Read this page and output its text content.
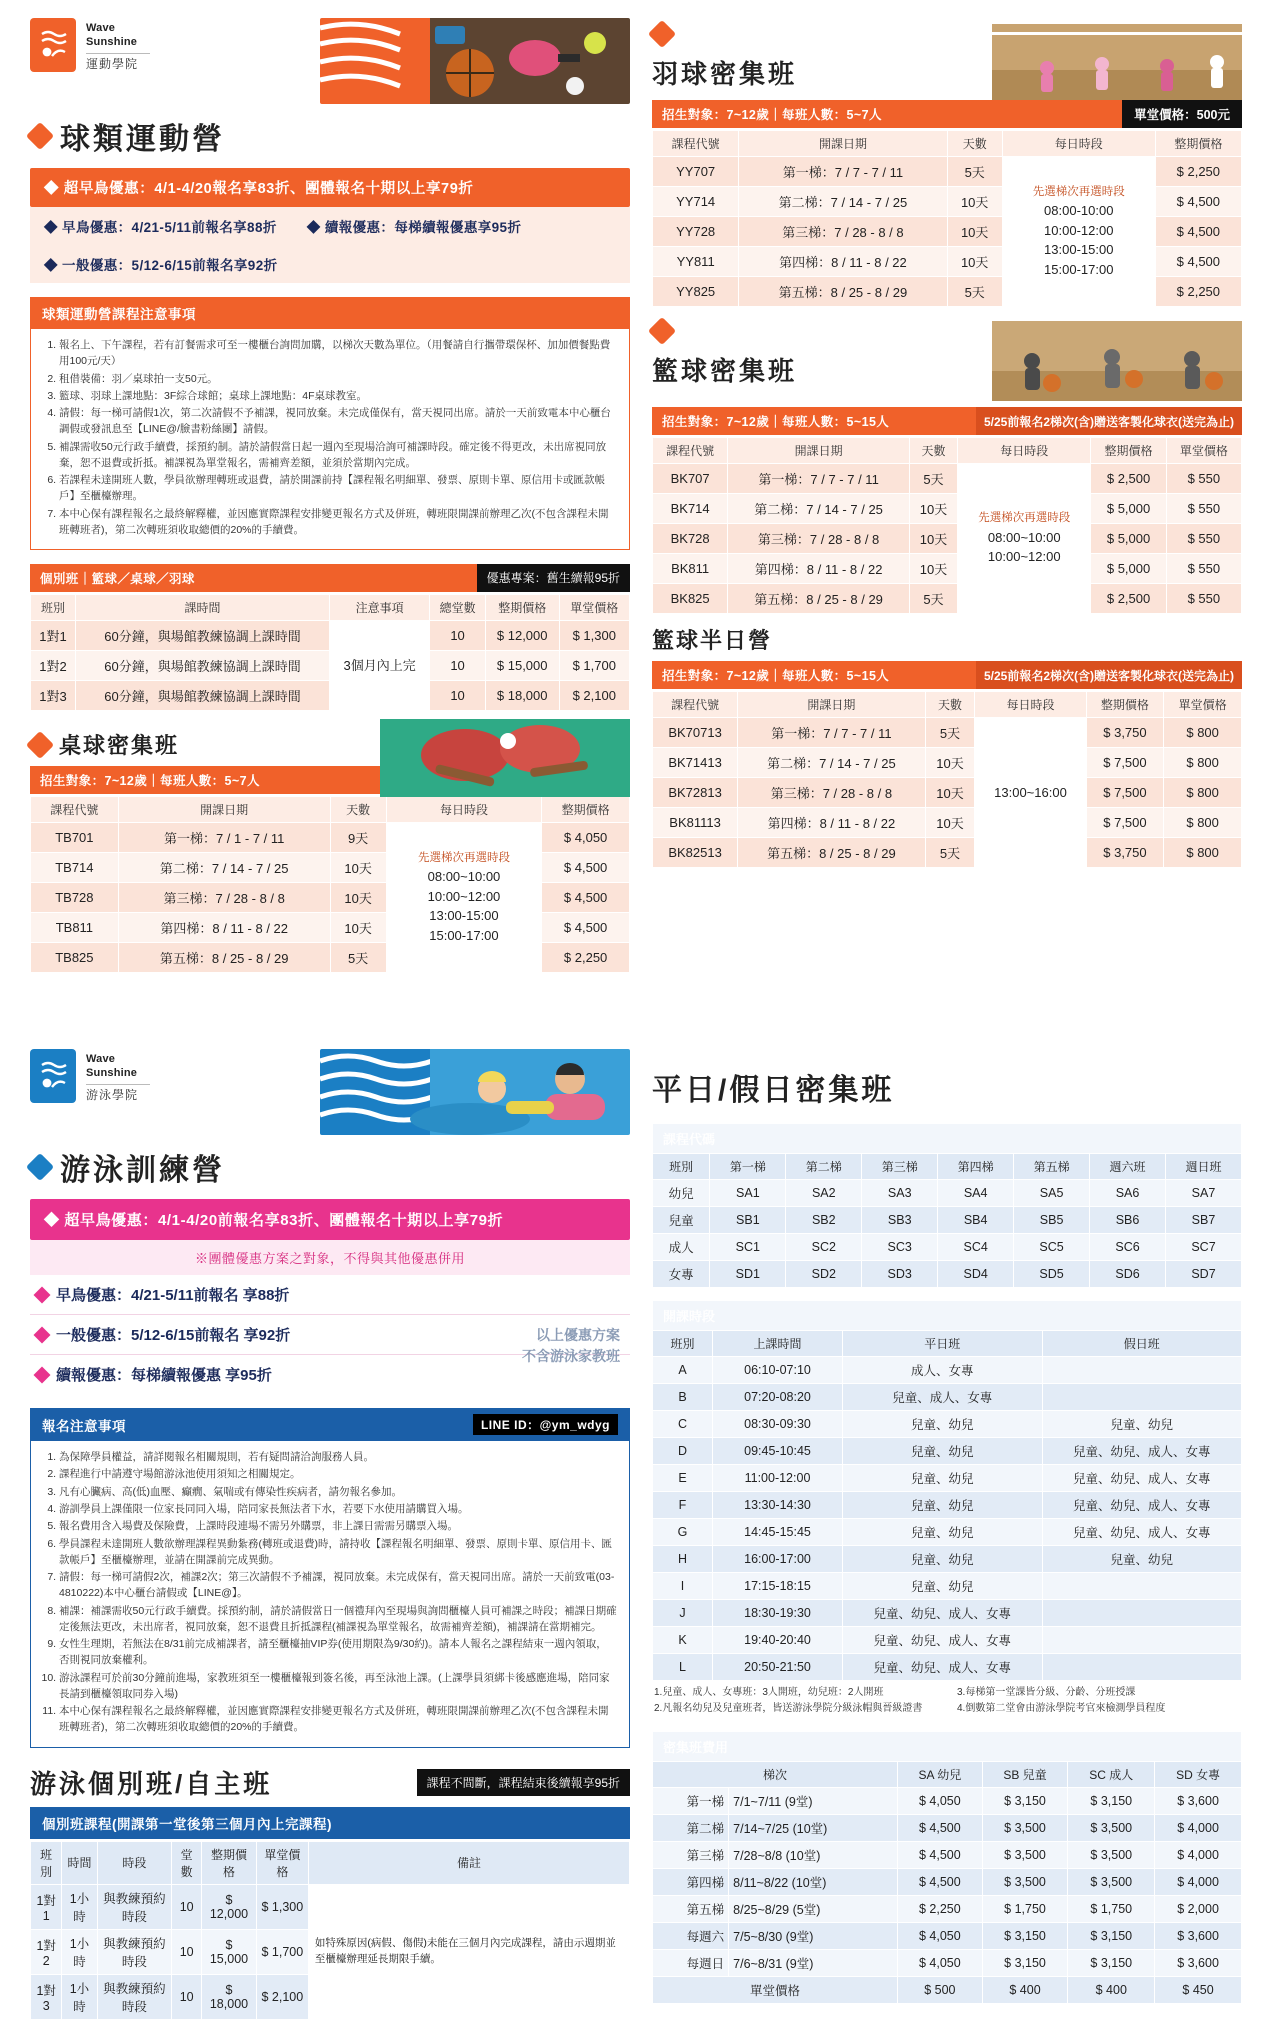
Wave
Sunshine
運動學院
球類運動營
◆ 超早鳥優惠：4/1-4/20報名享83折、團體報名十期以上享79折
◆ 早鳥優惠：4/21-5/11前報名享88折 ◆ 續報優惠：每梯續報優惠享95折
◆ 一般優惠：5/12-6/15前報名享92折
球類運動營課程注意事項
1. 報名上、下午課程，若有訂餐需求可至一樓櫃台詢問加購，以梯次天數為單位。（用餐請自行攜帶環保杯、加加價餐點費用100元/天）
2. 租借裝備：羽／桌球拍一支50元。
3. 籃球、羽球上課地點：3F綜合球館；桌球上課地點：4F桌球教室。
4. 請假：每一梯可請假1次，第二次請假不予補課，視同放棄。未完成僅保有，當天視同出席。請於一天前致電本中心櫃台調假或發訊息至【LINE@/臉書粉絲團】請假。
5. 補課需收50元行政手續費，採預約制。請於請假當日起一週內至現場洽詢可補課時段。確定後不得更改，未出席視同放棄，恕不退費或折抵。補課視為單堂報名，需補齊差額，並須於當期內完成。
6. 若課程未達開班人數，學員欲辦理轉班或退費，請於開課前持【課程報名明細單、發票、原則卡單、原信用卡或匯款帳戶】至櫃檯辦理。
7. 本中心保有課程報名之最終解釋權，並因應實際課程安排變更報名方式及併班，轉班限開課前辦理乙次(不包含課程未開班轉班者)，第二次轉班須收取總價的20%的手續費。
個別班｜籃球／桌球／羽球	優惠專案：舊生續報95折
班別	課時間	注意事項	總堂數	整期價格	單堂價格
1對1	60分鐘，與場館教練協調上課時間	3個月內上完	10	$ 12,000	$ 1,300
1對2	60分鐘，與場館教練協調上課時間		10	$ 15,000	$ 1,700
1對3	60分鐘，與場館教練協調上課時間		10	$ 18,000	$ 2,100
桌球密集班
招生對象：7~12歲｜每班人數：5~7人
課程代號	開課日期	天數	每日時段	整期價格
TB701	第一梯：7 / 1 - 7 / 11	9天	先選梯次再選時段
08:00~10:00
10:00~12:00
13:00-15:00
15:00-17:00	$ 4,050
TB714	第二梯：7 / 14 - 7 / 25	10天		$ 4,500
TB728	第三梯：7 / 28 - 8 / 8	10天		$ 4,500
TB811	第四梯：8 / 11 - 8 / 22	10天		$ 4,500
TB825	第五梯：8 / 25 - 8 / 29	5天		$ 2,250
羽球密集班
招生對象：7~12歲｜每班人數：5~7人	單堂價格：500元
課程代號	開課日期	天數	每日時段	整期價格
YY707	第一梯：7 / 7 - 7 / 11	5天	先選梯次再選時段
08:00-10:00
10:00-12:00
13:00-15:00
15:00-17:00	$ 2,250
YY714	第二梯：7 / 14 - 7 / 25	10天		$ 4,500
YY728	第三梯：7 / 28 - 8 / 8	10天		$ 4,500
YY811	第四梯：8 / 11 - 8 / 22	10天		$ 4,500
YY825	第五梯：8 / 25 - 8 / 29	5天		$ 2,250
籃球密集班
招生對象：7~12歲｜每班人數：5~15人	5/25前報名2梯次(含)贈送客製化球衣(送完為止)
課程代號	開課日期	天數	每日時段	整期價格	單堂價格
BK707	第一梯：7 / 7 - 7 / 11	5天	先選梯次再選時段
08:00~10:00
10:00~12:00	$ 2,500	$ 550
BK714	第二梯：7 / 14 - 7 / 25	10天		$ 5,000	$ 550
BK728	第三梯：7 / 28 - 8 / 8	10天		$ 5,000	$ 550
BK811	第四梯：8 / 11 - 8 / 22	10天		$ 5,000	$ 550
BK825	第五梯：8 / 25 - 8 / 29	5天		$ 2,500	$ 550
籃球半日營
招生對象：7~12歲｜每班人數：5~15人	5/25前報名2梯次(含)贈送客製化球衣(送完為止)
課程代號	開課日期	天數	每日時段	整期價格	單堂價格
BK70713	第一梯：7 / 7 - 7 / 11	5天	13:00~16:00	$ 3,750	$ 800
BK71413	第二梯：7 / 14 - 7 / 25	10天		$ 7,500	$ 800
BK72813	第三梯：7 / 28 - 8 / 8	10天		$ 7,500	$ 800
BK81113	第四梯：8 / 11 - 8 / 22	10天		$ 7,500	$ 800
BK82513	第五梯：8 / 25 - 8 / 29	5天		$ 3,750	$ 800
Wave
Sunshine
游泳學院
游泳訓練營
◆ 超早鳥優惠：4/1-4/20前報名享83折、團體報名十期以上享79折
※團體優惠方案之對象，不得與其他優惠併用
早鳥優惠：4/21-5/11前報名 享88折
一般優惠：5/12-6/15前報名 享92折
續報優惠：每梯續報優惠 享95折
以上優惠方案
不含游泳家教班
報名注意事項	LINE ID：@ym_wdyg
1. 為保障學員權益，請詳閱報名相關規則，若有疑問請洽詢服務人員。
2. 課程進行中請遵守場館游泳池使用須知之相關規定。
3. 凡有心臟病、高(低)血壓、癲癇、氣喘或有傳染性疾病者，請勿報名參加。
4. 游訓學員上課僅限一位家長同同入場，陪同家長無法者下水，若要下水使用請購買入場。
5. 報名費用含入場費及保險費，上課時段連場不需另外購票，非上課日需需另購票入場。
6. 學員課程未達開班人數欲辦理課程異動紮務(轉班或退費)時，請持收【課程報名明細單、發票、原則卡單、原信用卡、匯款帳戶】至櫃檯辦理，並請在開課前完成異動。
7. 請假：每一梯可請假2次，補課2次；第三次請假不予補課，視同放棄。未完成保有，當天視同出席。請於一天前致電(03-4810222)本中心櫃台請假或【LINE@】。
8. 補課：補課需收50元行政手續費。採預約制，請於請假當日一個禮拜內至現場與詢問櫃檯人員可補課之時段；補課日期確定後無法更改，未出席者，視同放棄，恕不退費且折抵課程(補課視為單堂報名，故需補齊差額)，補課請在當期補完。
9. 女性生理期，若無法在8/31前完成補課者，請至櫃檯抽VIP券(使用期限為9/30約)。請本人報名之課程結束一週內領取，否則視同放棄權利。
10. 游泳課程可於前30分鐘前進場，家教班須至一樓櫃檯報到簽名後，再至泳池上課。(上課學員須綁卡後感應進場，陪同家長請到櫃檯領取同券入場)
11. 本中心保有課程報名之最終解釋權，並因應實際課程安排變更報名方式及併班，轉班限開課前辦理乙次(不包含課程未開班轉班者)，第二次轉班須收取總價的20%的手續費。
游泳個別班/自主班	課程不間斷，課程結束後續報享95折
個別班課程(開課第一堂後第三個月內上完課程)
班別	時間	時段	堂數	整期價格	單堂價格	備註
1對1	1小時	與教練預約時段	10	$ 12,000	$ 1,300	如特殊原因(病假、傷假)未能在三個月內完成課程，請由示週期並至櫃檯辦理延長期限手續。
1對2	1小時	與教練預約時段	10	$ 15,000	$ 1,700	
1對3	1小時	與教練預約時段	10	$ 18,000	$ 2,100	
平日/假日密集班
課程代碼							
班別	第一梯	第二梯	第三梯	第四梯	第五梯	週六班	週日班
幼兒	SA1	SA2	SA3	SA4	SA5	SA6	SA7
兒童	SB1	SB2	SB3	SB4	SB5	SB6	SB7
成人	SC1	SC2	SC3	SC4	SC5	SC6	SC7
女專	SD1	SD2	SD3	SD4	SD5	SD6	SD7
開課時段			
班別	上課時間	平日班	假日班
A	06:10-07:10	成人、女專	
B	07:20-08:20	兒童、成人、女專	
C	08:30-09:30	兒童、幼兒	兒童、幼兒
D	09:45-10:45	兒童、幼兒	兒童、幼兒、成人、女專
E	11:00-12:00	兒童、幼兒	兒童、幼兒、成人、女專
F	13:30-14:30	兒童、幼兒	兒童、幼兒、成人、女專
G	14:45-15:45	兒童、幼兒	兒童、幼兒、成人、女專
H	16:00-17:00	兒童、幼兒	兒童、幼兒
I	17:15-18:15	兒童、幼兒	
J	18:30-19:30	兒童、幼兒、成人、女專	
K	19:40-20:40	兒童、幼兒、成人、女專	
L	20:50-21:50	兒童、幼兒、成人、女專	
1.兒童、成人、女專班：3人開班，幼兒班：2人開班
2.凡報名幼兒及兒童班者，皆送游泳學院分級泳帽與晉級證書
3.每梯第一堂課皆分級、分齡、分班授課
4.倒數第二堂會由游泳學院考官來檢測學員程度
密集班費用					
梯次		SA 幼兒	SB 兒童	SC 成人	SD 女專
第一梯	7/1~7/11 (9堂)	$ 4,050	$ 3,150	$ 3,150	$ 3,600
第二梯	7/14~7/25 (10堂)	$ 4,500	$ 3,500	$ 3,500	$ 4,000
第三梯	7/28~8/8 (10堂)	$ 4,500	$ 3,500	$ 3,500	$ 4,000
第四梯	8/11~8/22 (10堂)	$ 4,500	$ 3,500	$ 3,500	$ 4,000
第五梯	8/25~8/29 (5堂)	$ 2,250	$ 1,750	$ 1,750	$ 2,000
每週六	7/5~8/30 (9堂)	$ 4,050	$ 3,150	$ 3,150	$ 3,600
每週日	7/6~8/31 (9堂)	$ 4,050	$ 3,150	$ 3,150	$ 3,600
單堂價格		$ 500	$ 400	$ 400	$ 450
